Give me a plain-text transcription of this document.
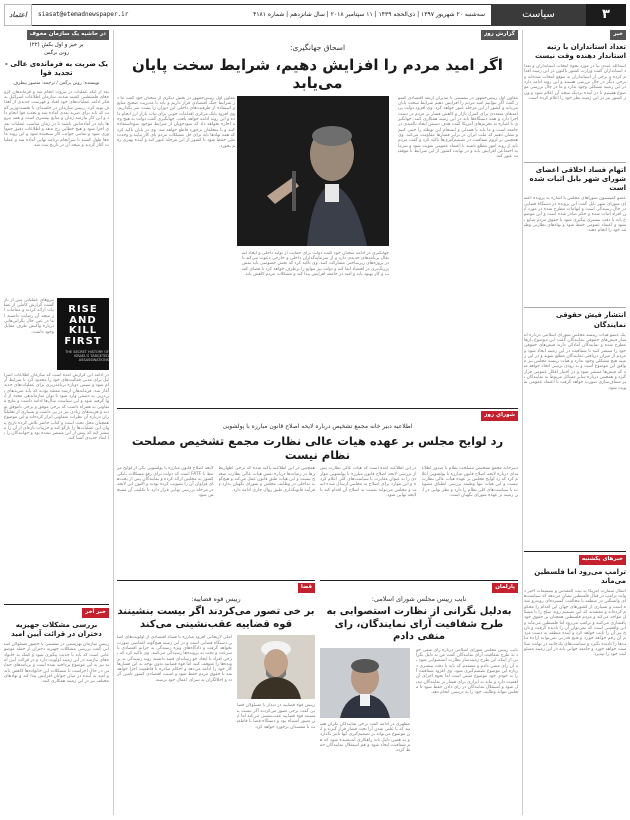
۳
سیاست
سه‌شنبه ۲۰ شهریور ۱۳۹۷ | ذی‌الحجه ۱۴۳۹ | ۱۱ سپتامبر ۲۰۱۸ | سال شانزدهم | شماره ۴۱۸۱
siasat@etemadnewspaper.ir
اعتماد
خبر
تعداد استانداران با رتبه استاندار دهنده وقت نیست
اسدالله عبدی نیا در مورد نحوه انتخاب استانداران و تعداد استانداران گفت وزارت کشور تاکنون در این زمینه اقدام کرده و برخی از استانداران به موقع انتخاب شده‌اند و برخی دیگر در حال بررسی هستند و این روند ادامه دارد در این زمینه مشکلی وجود ندارد و ما در حال بررسی موضوع هستیم تا در آینده نزدیک نتیجه آن اعلام شود و وزیر کشور نیز در این زمینه نظر خود را اعلام کرده است.
اتهام فساد اخلاقی اعضای شورای شهر بابل اثبات شده است
عضو کمیسیون شوراهای مجلس با اشاره به پرونده اعضای شورای شهر بابل گفت این پرونده در دستگاه قضایی در حال رسیدگی است و اتهامات مطرح شده در مورد این افراد اثبات شده و حکم صادر شده است و این موضوع باید با دقت بیشتری پیگیری شود تا حقوق مردم ضایع نشود و اعتماد عمومی حفظ شود و نهادهای نظارتی وظیفه خود را انجام دهند.
انتشار فیش حقوقی نمایندگان
یک عضو هیات رییسه مجلس شورای اسلامی درباره انتشار فیش‌های حقوقی نمایندگان گفت این موضوع بارها مطرح شده و نمایندگان آمادگی دارند فیش‌های حقوقی خود را منتشر کنند تا شفافیت در این زمینه ایجاد شود و مردم از میزان دریافتی نمایندگان مطلع شوند و در این زمینه هیچ مشکلی وجود ندارد و هیات رییسه مجلس نیز موافق این موضوع است و به زودی ترتیبی اتخاذ خواهد شد که فیش‌ها منتشر شود و در اختیار افکار عمومی قرار گیرد و همچنین درباره سایر مسائل مربوط به نمایندگان نیز شفاف‌سازی صورت خواهد گرفت تا اعتماد عمومی تقویت شود.
خبرهای یکشنبه
ترامپ می‌رود اما فلسطین می‌ماند
انتقال سفارت آمریکا به بیت المقدس و تصمیمات اخیر دولت ترامپ در قبال فلسطین نشان می‌دهد که سیاست‌های واشنگتن در منطقه با مخالفت گسترده‌ای روبه‌رو شده است و بسیاری از کشورهای جهان این اقدام را محکوم کرده‌اند و معتقدند که این تصمیم روند صلح را با مشکل مواجه می‌کند و مردم فلسطین همچنان بر حقوق خود پافشاری می‌کنند و ترامپ می‌رود اما فلسطین می‌ماند و این واقعیتی است که نمی‌توان آن را نادیده گرفت و تاریخ نیز آن را ثابت خواهد کرد و آینده منطقه به دست مردم آن رقم خواهد خورد و هیچ قدرتی نمی‌تواند اراده ملت‌ها را نادیده بگیرد و سیاست‌های یک‌جانبه در نهایت شکست خواهد خورد و جامعه جهانی باید در این زمینه مسئولیت خود را بپذیرد.
در حاشیه یک سازمان مخوف
بر خیز و اول بکش (۲۲)
رونن برگمن
یک ضربت به فرمانده‌ی عالی - تجدید قوا
نویسنده: رونن برگمن / ترجمه: منصور بیطرف
بعد از آنکه عملیات در بیروت انجام شد و فرماندهان گروه‌های فلسطینی کشته شدند، سازمان اطلاعات اسرائیل به فکر ادامه عملیات‌های خود افتاد و فهرست جدیدی از اهداف تهیه کرد. رییس سازمان در جلسه‌ای با نخست‌وزیر گفت که باید برای ضربه بعدی آماده شد و تجدید قوا انجام داد و این کار نیازمند زمان و منابع بیشتری است و همه نیروها باید در آماده‌باش باشند تا در زمان مناسب عملیات بعدی اجرا شود و هیچ خطایی رخ ندهد و اطلاعات دقیق جمع‌آوری شود و تمامی جوانب کار سنجیده شود و این روند ماه‌ها طول کشید تا سرانجام برنامه نهایی آماده شد و عملیات آغاز گردید و نتیجه آن در تاریخ ثبت شد.
RISE
AND
KILL
FIRST
THE SECRET HISTORY OF ISRAEL'S TARGETED ASSASSINATIONS
نیروهای عملیاتی پس از بازگشت گزارش کاملی از عملیات ارائه کردند و مقامات از نتیجه آن رضایت داشتند اما در عین حال نگرانی‌هایی درباره واکنش طرف مقابل وجود داشت.
در ادامه این گزارش آمده است که سازمان اطلاعات اسرائیل برای مدتی فعالیت‌های خود را محدود کرد تا شرایط آرام شود و سپس دوباره برنامه‌ریزی برای عملیات‌های جدید آغاز شد. فرماندهان ارشد معتقد بودند که باید ضربه‌های پی‌درپی به دشمن وارد شود تا توان سازماندهی مجدد از آنها گرفته شود و این سیاست سال‌ها ادامه داشت و نتایج متفاوتی به همراه داشت که برخی موفق و برخی ناموفق بودند و هزینه‌های زیادی نیز در پی داشت و بسیاری از تحلیلگران درباره آن نظرات متفاوتی ابراز کرده‌اند و این موضوع همچنان محل بحث است و کتاب حاضر تلاش کرده تاریخ پنهان این عملیات‌ها را بازگو کند و جزییات تازه‌ای از آن را منتشر کند که پیش از این منتشر نشده بود و خوانندگان را با ابعاد جدیدی آشنا کند.
خبر آخر
بررسی مشکلات جهیزیه دختران در قرائت آیین امید
رییس سازمان بهزیستی در نشستی با حضور مسئولان استانی گفت بررسی مشکلات جهیزیه دختران از جمله موضوعاتی است که باید با جدیت پیگیری شود و کمک به خانواده‌های نیازمند در این زمینه اولویت دارد و در قرائت آیین امید نیز به این موضوع پرداخته شده است و برنامه‌های حمایتی در حال اجراست تا مشکلات این خانواده‌ها کاهش یابد و امید به آینده در میان جوانان افزایش پیدا کند و نهادهای مختلف نیز در این زمینه همکاری کنند.
گزارش روز
اسحاق جهانگیری:
اگر امید مردم را افزایش دهیم، شرایط سخت پایان می‌یابد
معاون اول رییس‌جمهور در نشستی با مدیران ارشد اقتصادی کشور گفت اگر بتوانیم امید مردم را افزایش دهیم شرایط سخت پایان می‌یابد و کشور از این مرحله عبور خواهد کرد. وی افزود دولت برنامه‌های متعددی برای کنترل بازار و کاهش فشار بر مردم در دست اجرا دارد و همه دستگاه‌ها باید در این زمینه همکاری کنند. جهانگیری با اشاره به تحریم‌های آمریکا گفت هدف دشمن ایجاد ناامیدی در جامعه است و ما باید با همدلی و انسجام این توطئه را خنثی کنیم و نشان دهیم که ملت ایران در برابر فشارها مقاومت می‌کند. وی همچنین بر لزوم شفافیت در تصمیم‌گیری‌ها تاکید کرد و گفت مردم باید از روند امور مطلع باشند تا اعتماد عمومی تقویت شود و سرمایه اجتماعی افزایش یابد و در نهایت کشور از این شرایط با موفقیت عبور کند.
جهانگیری در ادامه سخنان خود گفت دولت برای حمایت از تولید داخلی و ایجاد اشتغال برنامه‌های جدیدی دارد و از سرمایه‌گذاران داخلی و خارجی دعوت می‌کند تا در پروژه‌های زیرساختی مشارکت کنند. وی تاکید کرد که بخش خصوصی باید نقش پررنگ‌تری در اقتصاد ایفا کند و دولت نیز موانع را برطرف خواهد کرد تا فضای کسب و کار بهبود یابد و امید در جامعه افزایش پیدا کند و مشکلات مردم کاهش یابد.
معاون اول رییس‌جمهور در بخش دیگری از سخنان خود گفت ما در شرایط جنگ اقتصادی قرار داریم و باید با مدیریت صحیح منابع و استفاده از ظرفیت‌های داخلی این دوران را پشت سر بگذاریم. وی افزود بانک مرکزی اقدامات خوبی برای ثبات بازار ارز انجام داده و این روند ادامه خواهد یافت. جهانگیری گفت دولت به هیچ وجه اجازه نخواهد داد که سودجویان از شرایط موجود سوءاستفاده کنند و با متخلفان برخورد قاطع خواهد شد. وی در پایان تاکید کرد که همه نهادها باید برای حل مشکلات مردم پای کار بیایند و وحدت ملی حفظ شود تا کشور از این مرحله عبور کند و آینده بهتری رقم بخورد.
شوراي روز
اطلاعیه دبیر خانه مجمع تشخیص درباره لایحه اصلاح قانون مبارزه با پولشویی
رد لوایح مجلس بر عهده هیات عالی نظارت مجمع تشخیص مصلحت نظام نیست
دبیرخانه مجمع تشخیص مصلحت نظام با صدور اطلاعیه‌ای درباره لایحه اصلاح قانون مبارزه با پولشویی اعلام کرد که رد لوایح مجلس بر عهده هیات عالی نظارت نیست و این هیات تنها وظیفه بررسی انطباق مصوبات با سیاست‌های کلی نظام را دارد و نظر نهایی در این زمینه بر عهده شورای نگهبان است.
در این اطلاعیه آمده است که هیات عالی نظارت پس از بررسی لایحه اصلاح قانون مبارزه با پولشویی مواردی را به عنوان مغایرت با سیاست‌های کلی اعلام کرده و این موارد برای اصلاح به مجلس ارسال شده است و مجلس می‌تواند نسبت به اصلاح آن اقدام کند تا لایحه نهایی شود.
همچنین در این اطلاعیه تاکید شده که برخی اظهارنظرها در رسانه‌ها درباره نقش هیات عالی نظارت صحیح نیست و این هیات طبق قانون عمل می‌کند و هیچ‌گونه تداخلی در وظایف مجلس و شورای نگهبان ندارد و فرآیند قانونگذاری طبق روال جاری ادامه دارد.
لایحه اصلاح قانون مبارزه با پولشویی یکی از لوایح مرتبط با FATF است که دولت برای رفع مشکلات بانکی کشور به مجلس ارائه کرده و نمایندگان پس از بحث‌های فراوان آن را تصویب کرده بودند و اکنون این لایحه در مرحله بررسی نهایی قرار دارد تا تکلیف آن مشخص شود.
پارلمان
نایب رییس مجلس شورای اسلامی:
به‌دلیل نگرانی از نظارت استصوابی به طرح شفافیت آرای نمایندگان، رای منفی دادم
نایب رییس مجلس شورای اسلامی درباره رای منفی خود به طرح شفافیت آرای نمایندگان گفت من به دلیل نگرانی از اینکه این طرح زمینه‌ساز نظارت استصوابی شود به آن رای منفی دادم و معتقدم که باید با دقت بیشتری درباره این موضوع تصمیم‌گیری شود. وی افزود شفافیت آرا به خودی خود موضوع مثبتی است اما نحوه اجرای آن اهمیت دارد و نباید به ابزاری برای فشار بر نمایندگان تبدیل شود و استقلال نمایندگان در رای دادن حفظ شود تا مجلس بتواند وظایف خود را به درستی انجام دهد.
مطهری در ادامه گفت برخی نمایندگان نگران هستند که با علنی شدن آرا تحت فشار قرار گیرند و این موضوع می‌تواند بر تصمیم‌گیری آنها تاثیر بگذارد و به همین دلیل باید راهکاری اندیشیده شود که هم شفافیت ایجاد شود و هم استقلال نمایندگان حفظ گردد.
قضا
رییس قوه قضاییه:
بر خی تصور می‌کردند اگر بیست بنشینند قوه قضاییه عقب‌نشینی می‌کند
رییس قوه قضاییه در دیدار با مسئولان قضایی گفت برخی تصور می‌کردند اگر بیست بنشینند قوه قضاییه عقب‌نشینی می‌کند اما این تصور اشتباه بود و دستگاه قضا با قاطعیت با مفسدان برخورد خواهد کرد.
آملی لاریجانی افزود مبارزه با فساد اقتصادی از اولویت‌های اصلی دستگاه قضایی است و در این زمینه هیچ‌گونه اغماضی صورت نخواهد گرفت و دادگاه‌های ویژه رسیدگی به جرایم اقتصادی با سرعت و دقت به پرونده‌ها رسیدگی می‌کنند. وی تاکید کرد که برخی افراد با ایجاد جو رسانه‌ای قصد داشتند روند رسیدگی به پرونده‌ها را متوقف کنند اما قوه قضاییه بدون توجه به این فشارها کار خود را ادامه می‌دهد و احکام صادره با قاطعیت اجرا خواهد شد تا حقوق مردم حفظ شود و امنیت اقتصادی کشور تامین گردد و اخلالگران به سزای اعمال خود برسند.
